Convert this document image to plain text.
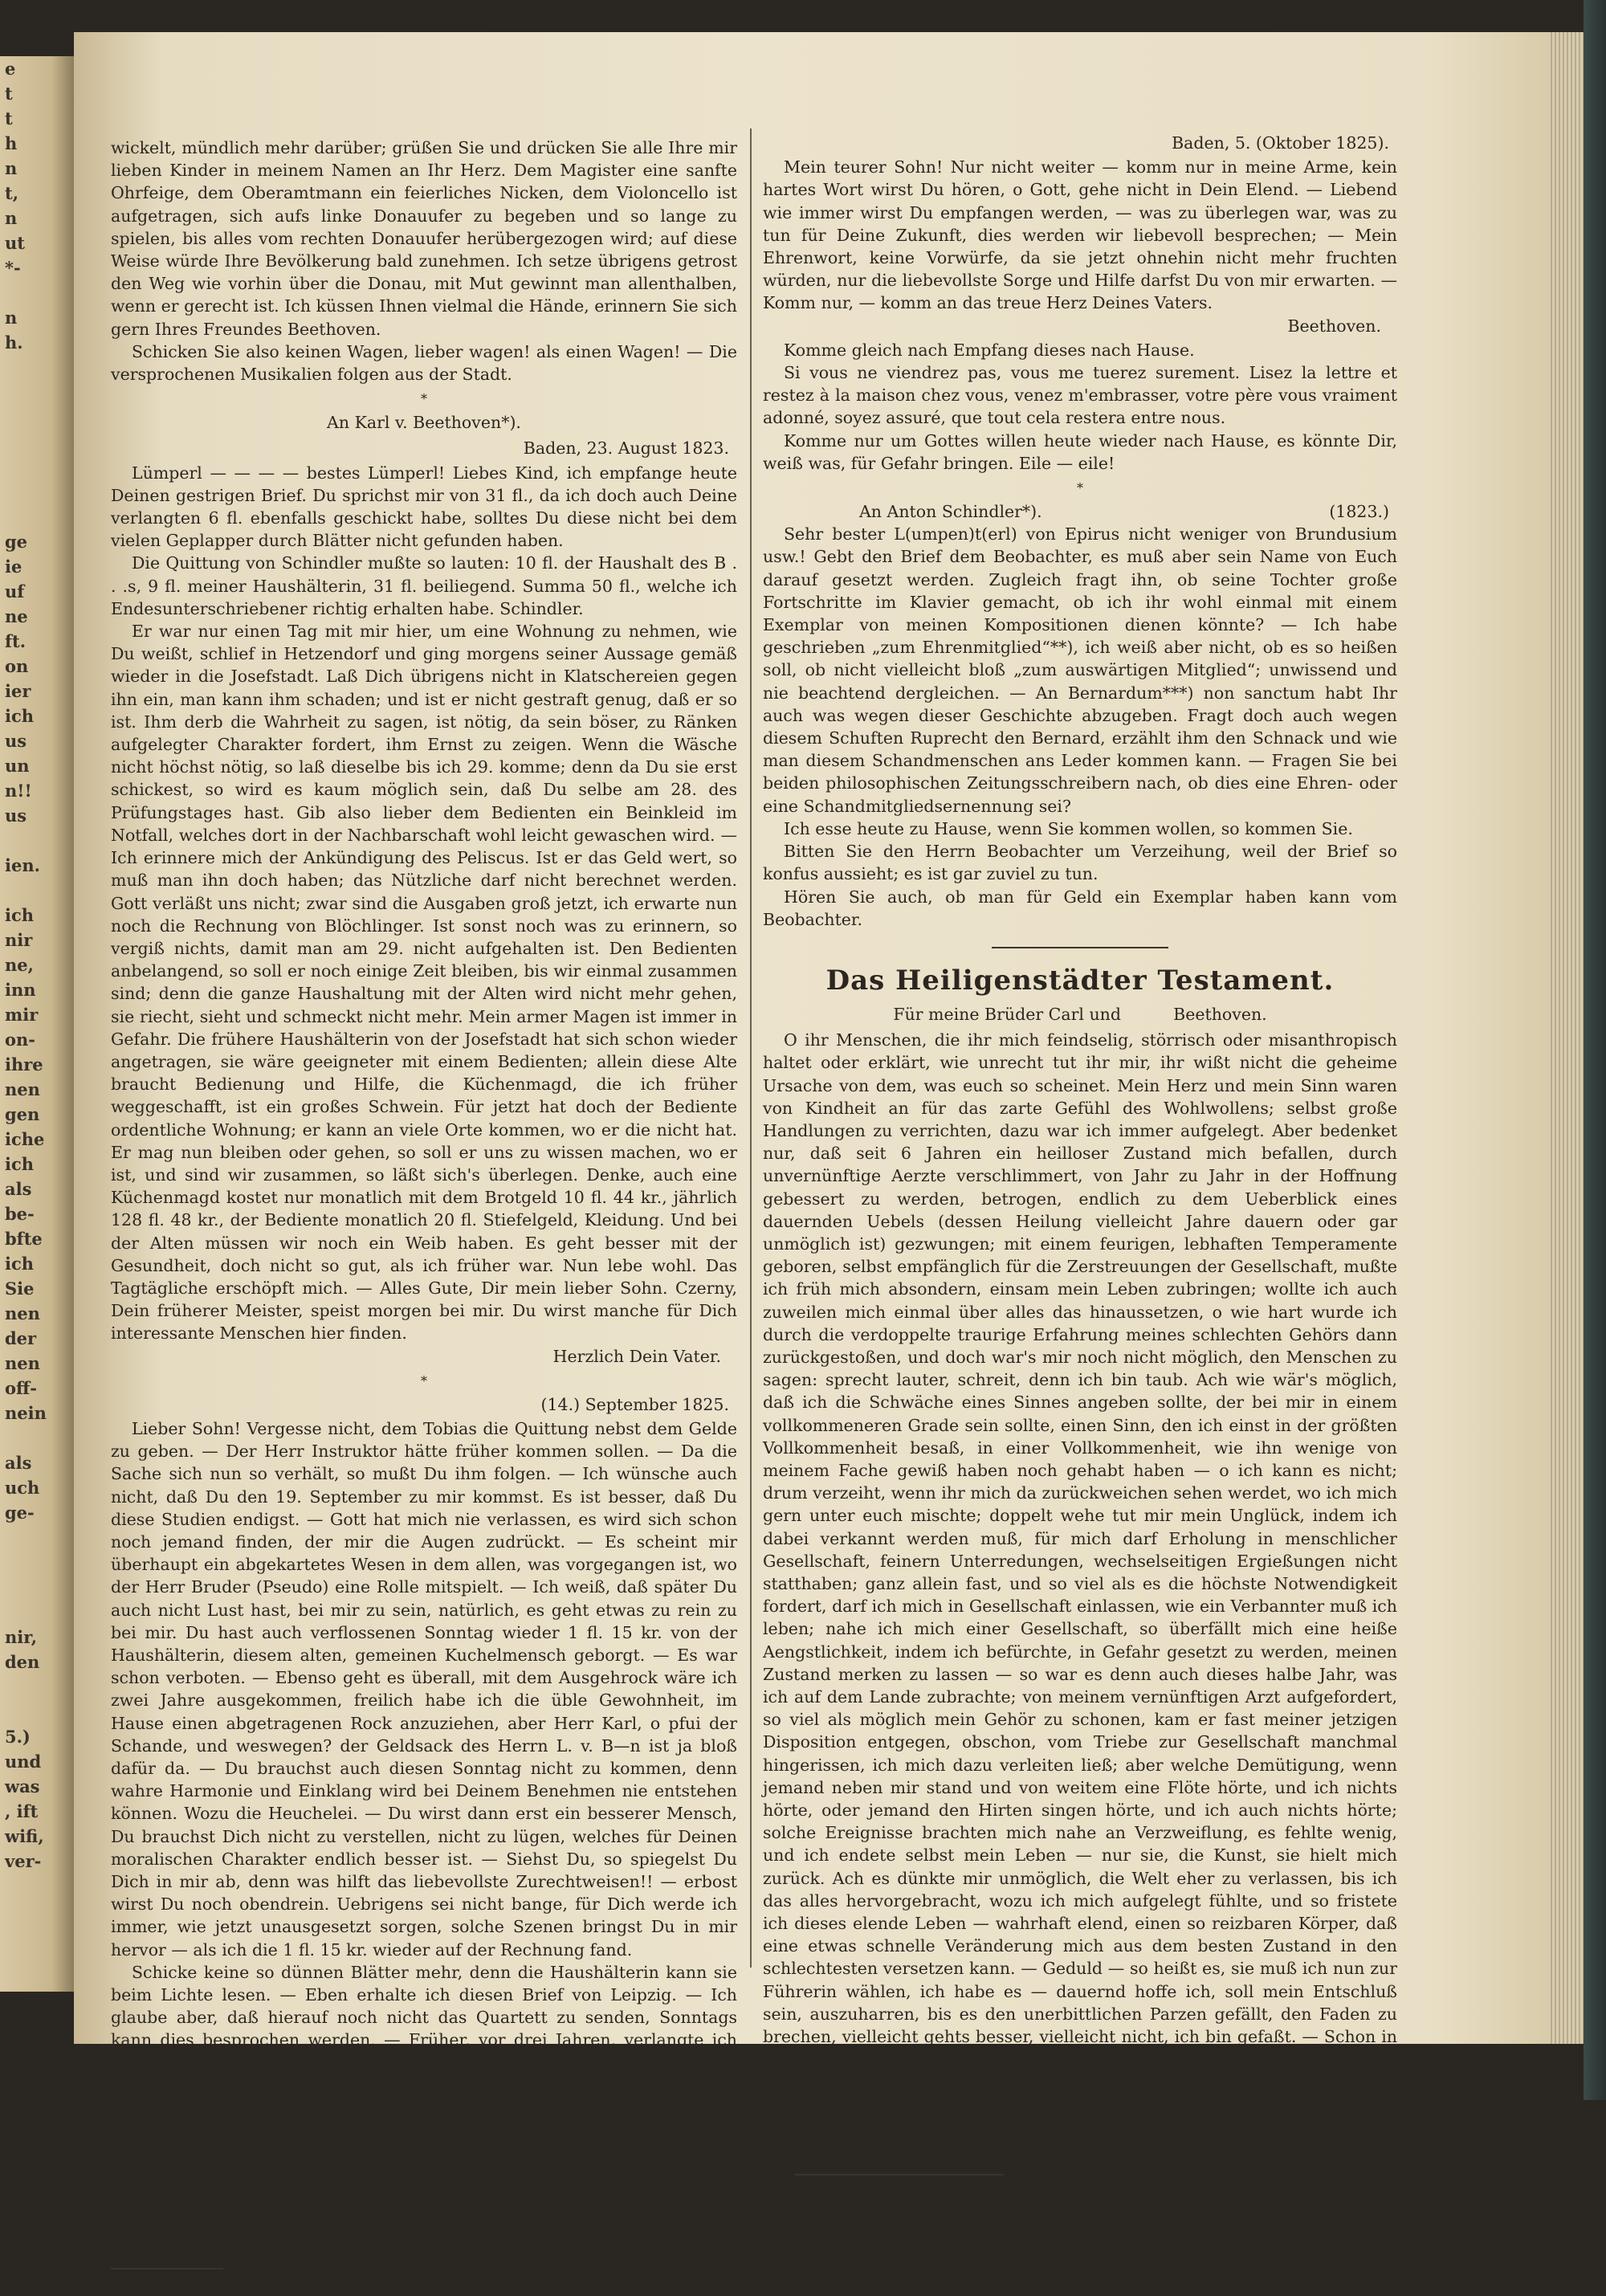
e
t
t
h
n
t,
n
ut
*-

n
h.

ge
ie
uf
ne
ft.
on
ier
ich
us
un
n!!
us

ien.

ich
nir
ne,
inn
mir
on-
ihre
nen
gen
iche
ich
als
be-
bfte
ich
Sie
nen
der
nen
off-
nein

als
uch
ge-

nir,
den

5.)
und
was
, ift
wifi,
ver-

wickelt, mündlich mehr darüber; grüßen Sie und drücken Sie alle Ihre mir lieben Kinder in meinem Namen an Ihr Herz. Dem Magister eine sanfte Ohrfeige, dem Oberamtmann ein feierliches Nicken, dem Violoncello ist aufgetragen, sich aufs linke Donauufer zu begeben und so lange zu spielen, bis alles vom rechten Donauufer herübergezogen wird; auf diese Weise würde Ihre Bevölkerung bald zunehmen. Ich setze übrigens getrost den Weg wie vorhin über die Donau, mit Mut gewinnt man allenthalben, wenn er gerecht ist. Ich küssen Ihnen vielmal die Hände, erinnern Sie sich gern Ihres Freundes Beethoven.

Schicken Sie also keinen Wagen, lieber wagen! als einen Wagen! — Die versprochenen Musikalien folgen aus der Stadt.

*

An Karl v. Beethoven*).

Baden, 23. August 1823.

Lümperl — — — — bestes Lümperl! Liebes Kind, ich empfange heute Deinen gestrigen Brief. Du sprichst mir von 31 fl., da ich doch auch Deine verlangten 6 fl. ebenfalls geschickt habe, solltes Du diese nicht bei dem vielen Geplapper durch Blätter nicht gefunden haben.

Die Quittung von Schindler mußte so lauten: 10 fl. der Haushalt des B . . .s, 9 fl. meiner Haushälterin, 31 fl. beiliegend. Summa 50 fl., welche ich Endesunterschriebener richtig erhalten habe. Schindler.

Er war nur einen Tag mit mir hier, um eine Wohnung zu nehmen, wie Du weißt, schlief in Hetzendorf und ging morgens seiner Aussage gemäß wieder in die Josefstadt. Laß Dich übrigens nicht in Klatschereien gegen ihn ein, man kann ihm schaden; und ist er nicht gestraft genug, daß er so ist. Ihm derb die Wahrheit zu sagen, ist nötig, da sein böser, zu Ränken aufgelegter Charakter fordert, ihm Ernst zu zeigen. Wenn die Wäsche nicht höchst nötig, so laß dieselbe bis ich 29. komme; denn da Du sie erst schickest, so wird es kaum möglich sein, daß Du selbe am 28. des Prüfungstages hast. Gib also lieber dem Bedienten ein Beinkleid im Notfall, welches dort in der Nachbarschaft wohl leicht gewaschen wird. — Ich erinnere mich der Ankündigung des Peliscus. Ist er das Geld wert, so muß man ihn doch haben; das Nützliche darf nicht berechnet werden. Gott verläßt uns nicht; zwar sind die Ausgaben groß jetzt, ich erwarte nun noch die Rechnung von Blöchlinger. Ist sonst noch was zu erinnern, so vergiß nichts, damit man am 29. nicht aufgehalten ist. Den Bedienten anbelangend, so soll er noch einige Zeit bleiben, bis wir einmal zusammen sind; denn die ganze Haushaltung mit der Alten wird nicht mehr gehen, sie riecht, sieht und schmeckt nicht mehr. Mein armer Magen ist immer in Gefahr. Die frühere Haushälterin von der Josefstadt hat sich schon wieder angetragen, sie wäre geeigneter mit einem Bedienten; allein diese Alte braucht Bedienung und Hilfe, die Küchenmagd, die ich früher weggeschafft, ist ein großes Schwein. Für jetzt hat doch der Bediente ordentliche Wohnung; er kann an viele Orte kommen, wo er die nicht hat. Er mag nun bleiben oder gehen, so soll er uns zu wissen machen, wo er ist, und sind wir zusammen, so läßt sich's überlegen. Denke, auch eine Küchenmagd kostet nur monatlich mit dem Brotgeld 10 fl. 44 kr., jährlich 128 fl. 48 kr., der Bediente monatlich 20 fl. Stiefelgeld, Kleidung. Und bei der Alten müssen wir noch ein Weib haben. Es geht besser mit der Gesundheit, doch nicht so gut, als ich früher war. Nun lebe wohl. Das Tagtägliche erschöpft mich. — Alles Gute, Dir mein lieber Sohn. Czerny, Dein früherer Meister, speist morgen bei mir. Du wirst manche für Dich interessante Menschen hier finden.

Herzlich Dein Vater.

*

(14.) September 1825.

Lieber Sohn! Vergesse nicht, dem Tobias die Quittung nebst dem Gelde zu geben. — Der Herr Instruktor hätte früher kommen sollen. — Da die Sache sich nun so verhält, so mußt Du ihm folgen. — Ich wünsche auch nicht, daß Du den 19. September zu mir kommst. Es ist besser, daß Du diese Studien endigst. — Gott hat mich nie verlassen, es wird sich schon noch jemand finden, der mir die Augen zudrückt. — Es scheint mir überhaupt ein abgekartetes Wesen in dem allen, was vorgegangen ist, wo der Herr Bruder (Pseudo) eine Rolle mitspielt. — Ich weiß, daß später Du auch nicht Lust hast, bei mir zu sein, natürlich, es geht etwas zu rein zu bei mir. Du hast auch verflossenen Sonntag wieder 1 fl. 15 kr. von der Haushälterin, diesem alten, gemeinen Kuchelmensch geborgt. — Es war schon verboten. — Ebenso geht es überall, mit dem Ausgehrock wäre ich zwei Jahre ausgekommen, freilich habe ich die üble Gewohnheit, im Hause einen abgetragenen Rock anzuziehen, aber Herr Karl, o pfui der Schande, und weswegen? der Geldsack des Herrn L. v. B—n ist ja bloß dafür da. — Du brauchst auch diesen Sonntag nicht zu kommen, denn wahre Harmonie und Einklang wird bei Deinem Benehmen nie entstehen können. Wozu die Heuchelei. — Du wirst dann erst ein besserer Mensch, Du brauchst Dich nicht zu verstellen, nicht zu lügen, welches für Deinen moralischen Charakter endlich besser ist. — Siehst Du, so spiegelst Du Dich in mir ab, denn was hilft das liebevollste Zurechtweisen!! — erbost wirst Du noch obendrein. Uebrigens sei nicht bange, für Dich werde ich immer, wie jetzt unausgesetzt sorgen, solche Szenen bringst Du in mir hervor — als ich die 1 fl. 15 kr. wieder auf der Rechnung fand.

Schicke keine so dünnen Blätter mehr, denn die Haushälterin kann sie beim Lichte lesen. — Eben erhalte ich diesen Brief von Leipzig. — Ich glaube aber, daß hierauf noch nicht das Quartett zu senden, Sonntags kann dies besprochen werden. — Früher, vor drei Jahren, verlangte ich nur 40 fl. für ein Quartett, es muß also jetzt untersucht werden, wie Du eigentlich geschrieben hast. —

Leb' wohl; derjenige, der Dir zwar nicht das Leben gegeben, aber gewiß doch erhalten hat, und, was mehr als alles andere, für die Bildung Deines Geistes gesorgt hat, väterlich, ja mehr als das, bittet Dich innigst, ja auf dem einzigen wahren Weg alles Guten und Rechten zu wandeln.

Leb' wohl.

Bring den Brief Sonntags wieder mit.

Dein treuer guter Vater.

*) Beethovens Neffe und Adoptivsohn.

Baden, 5. (Oktober 1825).

Mein teurer Sohn! Nur nicht weiter — komm nur in meine Arme, kein hartes Wort wirst Du hören, o Gott, gehe nicht in Dein Elend. — Liebend wie immer wirst Du empfangen werden, — was zu überlegen war, was zu tun für Deine Zukunft, dies werden wir liebevoll besprechen; — Mein Ehrenwort, keine Vorwürfe, da sie jetzt ohnehin nicht mehr fruchten würden, nur die liebevollste Sorge und Hilfe darfst Du von mir erwarten. — Komm nur, — komm an das treue Herz Deines Vaters.

Beethoven.

Komme gleich nach Empfang dieses nach Hause.

Si vous ne viendrez pas, vous me tuerez surement. Lisez la lettre et restez à la maison chez vous, venez m'embrasser, votre père vous vraiment adonné, soyez assuré, que tout cela restera entre nous.

Komme nur um Gottes willen heute wieder nach Hause, es könnte Dir, weiß was, für Gefahr bringen. Eile — eile!

*

An Anton Schindler*).	(1823.)

Sehr bester L(umpen)t(erl) von Epirus nicht weniger von Brundusium usw.! Gebt den Brief dem Beobachter, es muß aber sein Name von Euch darauf gesetzt werden. Zugleich fragt ihn, ob seine Tochter große Fortschritte im Klavier gemacht, ob ich ihr wohl einmal mit einem Exemplar von meinen Kompositionen dienen könnte? — Ich habe geschrieben „zum Ehrenmitglied“**), ich weiß aber nicht, ob es so heißen soll, ob nicht vielleicht bloß „zum auswärtigen Mitglied“; unwissend und nie beachtend dergleichen. — An Bernardum***) non sanctum habt Ihr auch was wegen dieser Geschichte abzugeben. Fragt doch auch wegen diesem Schuften Ruprecht den Bernard, erzählt ihm den Schnack und wie man diesem Schandmenschen ans Leder kommen kann. — Fragen Sie bei beiden philosophischen Zeitungsschreibern nach, ob dies eine Ehren- oder eine Schandmitgliedsernennung sei?

Ich esse heute zu Hause, wenn Sie kommen wollen, so kommen Sie.

Bitten Sie den Herrn Beobachter um Verzeihung, weil der Brief so konfus aussieht; es ist gar zuviel zu tun.

Hören Sie auch, ob man für Geld ein Exemplar haben kann vom Beobachter.

Das Heiligenstädter Testament.

Für meine Brüder Carl und          Beethoven.

O ihr Menschen, die ihr mich feindselig, störrisch oder misanthropisch haltet oder erklärt, wie unrecht tut ihr mir, ihr wißt nicht die geheime Ursache von dem, was euch so scheinet. Mein Herz und mein Sinn waren von Kindheit an für das zarte Gefühl des Wohlwollens; selbst große Handlungen zu verrichten, dazu war ich immer aufgelegt. Aber bedenket nur, daß seit 6 Jahren ein heilloser Zustand mich befallen, durch unvernünftige Aerzte verschlimmert, von Jahr zu Jahr in der Hoffnung gebessert zu werden, betrogen, endlich zu dem Ueberblick eines dauernden Uebels (dessen Heilung vielleicht Jahre dauern oder gar unmöglich ist) gezwungen; mit einem feurigen, lebhaften Temperamente geboren, selbst empfänglich für die Zerstreuungen der Gesellschaft, mußte ich früh mich absondern, einsam mein Leben zubringen; wollte ich auch zuweilen mich einmal über alles das hinaussetzen, o wie hart wurde ich durch die verdoppelte traurige Erfahrung meines schlechten Gehörs dann zurückgestoßen, und doch war's mir noch nicht möglich, den Menschen zu sagen: sprecht lauter, schreit, denn ich bin taub. Ach wie wär's möglich, daß ich die Schwäche eines Sinnes angeben sollte, der bei mir in einem vollkommeneren Grade sein sollte, einen Sinn, den ich einst in der größten Vollkommenheit besaß, in einer Vollkommenheit, wie ihn wenige von meinem Fache gewiß haben noch gehabt haben — o ich kann es nicht; drum verzeiht, wenn ihr mich da zurückweichen sehen werdet, wo ich mich gern unter euch mischte; doppelt wehe tut mir mein Unglück, indem ich dabei verkannt werden muß, für mich darf Erholung in menschlicher Gesellschaft, feinern Unterredungen, wechselseitigen Ergießungen nicht statthaben; ganz allein fast, und so viel als es die höchste Notwendigkeit fordert, darf ich mich in Gesellschaft einlassen, wie ein Verbannter muß ich leben; nahe ich mich einer Gesellschaft, so überfällt mich eine heiße Aengstlichkeit, indem ich befürchte, in Gefahr gesetzt zu werden, meinen Zustand merken zu lassen — so war es denn auch dieses halbe Jahr, was ich auf dem Lande zubrachte; von meinem vernünftigen Arzt aufgefordert, so viel als möglich mein Gehör zu schonen, kam er fast meiner jetzigen Disposition entgegen, obschon, vom Triebe zur Gesellschaft manchmal hingerissen, ich mich dazu verleiten ließ; aber welche Demütigung, wenn jemand neben mir stand und von weitem eine Flöte hörte, und ich nichts hörte, oder jemand den Hirten singen hörte, und ich auch nichts hörte; solche Ereignisse brachten mich nahe an Verzweiflung, es fehlte wenig, und ich endete selbst mein Leben — nur sie, die Kunst, sie hielt mich zurück. Ach es dünkte mir unmöglich, die Welt eher zu verlassen, bis ich das alles hervorgebracht, wozu ich mich aufgelegt fühlte, und so fristete ich dieses elende Leben — wahrhaft elend, einen so reizbaren Körper, daß eine etwas schnelle Veränderung mich aus dem besten Zustand in den schlechtesten versetzen kann. — Geduld — so heißt es, sie muß ich nun zur Führerin wählen, ich habe es — dauernd hoffe ich, soll mein Entschluß sein, auszuharren, bis es den unerbittlichen Parzen gefällt, den Faden zu brechen, vielleicht gehts besser, vielleicht nicht, ich bin gefaßt. — Schon in meinem 28. Jahre gezwungen, Philosoph zu werden! Es ist nicht leicht, für den Künstler schwerer als für irgend jemand. — Gottheit, du siehst herab auf mein Inneres, du kennst es, du weißt, daß Menschenliebe und Neigung zum Wohltun drin hausen; o Menschen, wenn ihr einst dieses leset, so denkt, daß ihr mir unrecht getan, und der Un-

*) Musikdirektor und Biograph Beethovens.

**) Es handelt sich um die Ernennung Beethovens zum auswärtigen Mitglied der Kgl. Schwedischen Musik-Akademie.

***) Josef Karl Bernard, Redakteur der K. K. Wiener Zeitung.
